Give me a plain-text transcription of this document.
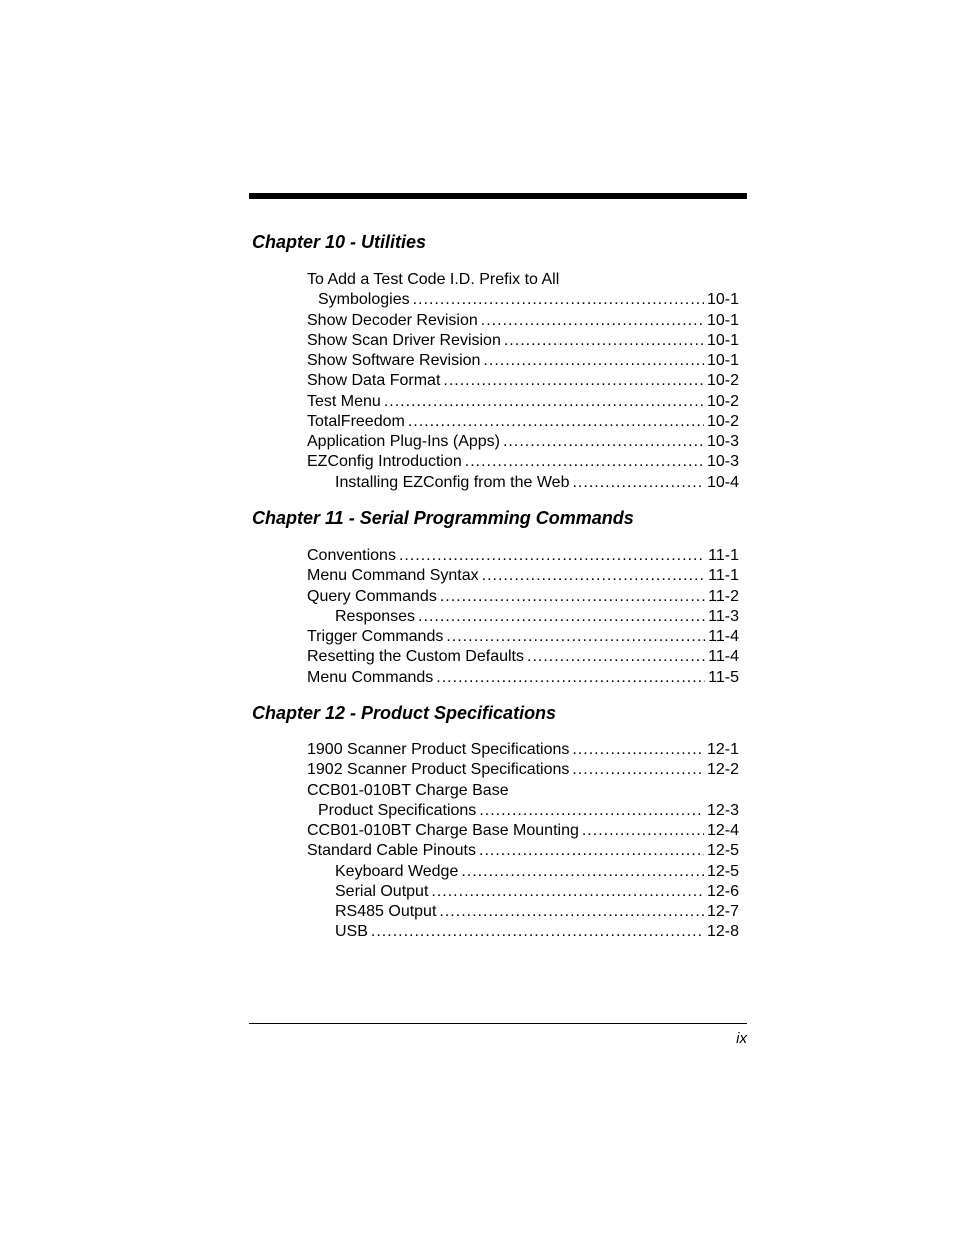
Chapter 10 - Utilities
To Add a Test Code I.D. Prefix to All
Symbologies .....	10-1
Show Decoder Revision .....	10-1
Show Scan Driver Revision .....	10-1
Show Software Revision .....	10-1
Show Data Format .....	10-2
Test Menu .....	10-2
TotalFreedom .....	10-2
Application Plug-Ins (Apps) .....	10-3
EZConfig Introduction .....	10-3
Installing EZConfig from the Web .....	10-4
Chapter 11 - Serial Programming Commands
Conventions .....	11-1
Menu Command Syntax .....	11-1
Query Commands .....	11-2
Responses .....	11-3
Trigger Commands .....	11-4
Resetting the Custom Defaults .....	11-4
Menu Commands .....	11-5
Chapter 12 - Product Specifications
1900 Scanner Product Specifications .....	12-1
1902 Scanner Product Specifications .....	12-2
CCB01-010BT Charge Base
Product Specifications .....	12-3
CCB01-010BT Charge Base Mounting .....	12-4
Standard Cable Pinouts .....	12-5
Keyboard Wedge .....	12-5
Serial Output .....	12-6
RS485 Output .....	12-7
USB .....	12-8
ix
